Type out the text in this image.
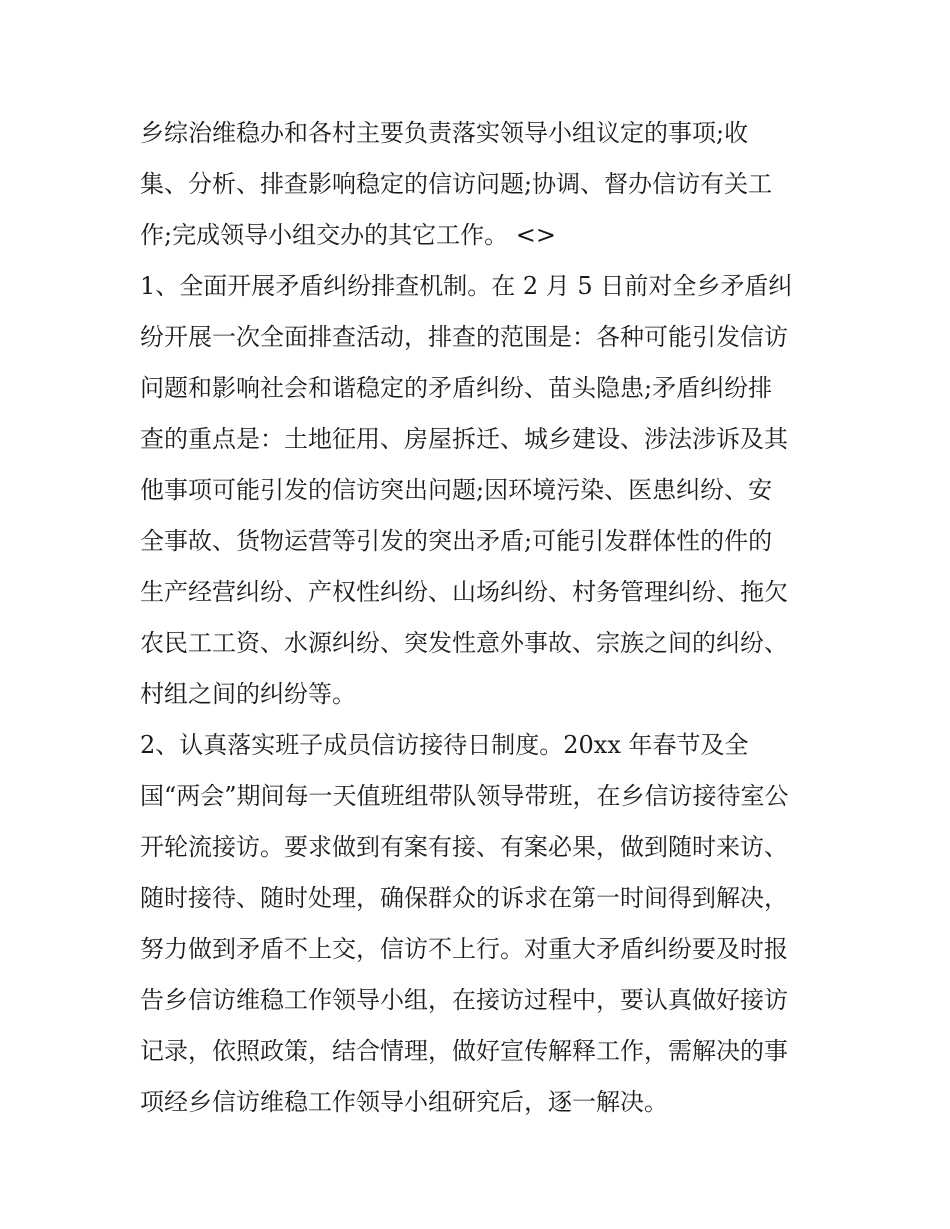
乡综治维稳办和各村主要负责落实领导小组议定的事项;收
集、分析、排查影响稳定的信访问题;协调、督办信访有关工
作;完成领导小组交办的其它工作。 <>
1、全面开展矛盾纠纷排查机制。在 2 月 5 日前对全乡矛盾纠
纷开展一次全面排查活动，排查的范围是：各种可能引发信访
问题和影响社会和谐稳定的矛盾纠纷、苗头隐患;矛盾纠纷排
查的重点是：土地征用、房屋拆迁、城乡建设、涉法涉诉及其
他事项可能引发的信访突出问题;因环境污染、医患纠纷、安
全事故、货物运营等引发的突出矛盾;可能引发群体性的件的
生产经营纠纷、产权性纠纷、山场纠纷、村务管理纠纷、拖欠
农民工工资、水源纠纷、突发性意外事故、宗族之间的纠纷、
村组之间的纠纷等。
2、认真落实班子成员信访接待日制度。20xx 年春节及全
国“两会”期间每一天值班组带队领导带班，在乡信访接待室公
开轮流接访。要求做到有案有接、有案必果，做到随时来访、
随时接待、随时处理，确保群众的诉求在第一时间得到解决，
努力做到矛盾不上交，信访不上行。对重大矛盾纠纷要及时报
告乡信访维稳工作领导小组，在接访过程中，要认真做好接访
记录，依照政策，结合情理，做好宣传解释工作，需解决的事
项经乡信访维稳工作领导小组研究后，逐一解决。
